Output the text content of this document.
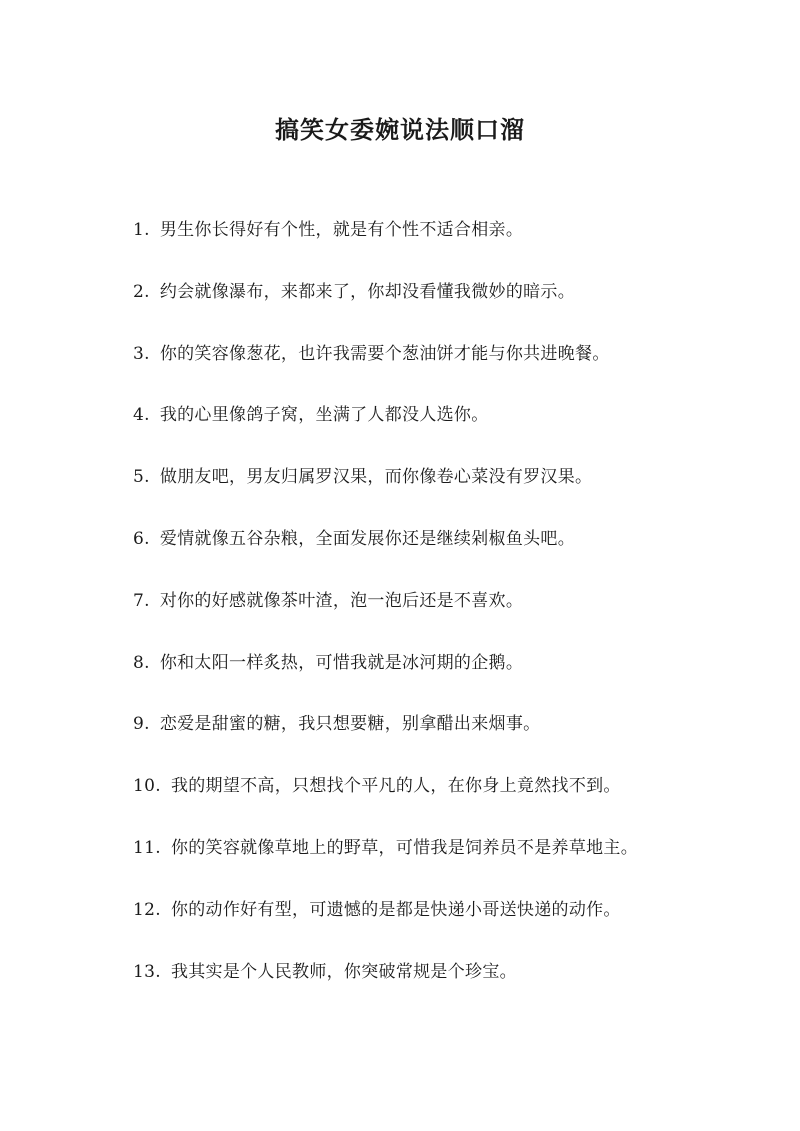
搞笑女委婉说法顺口溜
1. 男生你长得好有个性，就是有个性不适合相亲。
2. 约会就像瀑布，来都来了，你却没看懂我微妙的暗示。
3. 你的笑容像葱花，也许我需要个葱油饼才能与你共进晚餐。
4. 我的心里像鸽子窝，坐满了人都没人选你。
5. 做朋友吧，男友归属罗汉果，而你像卷心菜没有罗汉果。
6. 爱情就像五谷杂粮，全面发展你还是继续剁椒鱼头吧。
7. 对你的好感就像茶叶渣，泡一泡后还是不喜欢。
8. 你和太阳一样炙热，可惜我就是冰河期的企鹅。
9. 恋爱是甜蜜的糖，我只想要糖，别拿醋出来烟事。
10. 我的期望不高，只想找个平凡的人，在你身上竟然找不到。
11. 你的笑容就像草地上的野草，可惜我是饲养员不是养草地主。
12. 你的动作好有型，可遗憾的是都是快递小哥送快递的动作。
13. 我其实是个人民教师，你突破常规是个珍宝。
